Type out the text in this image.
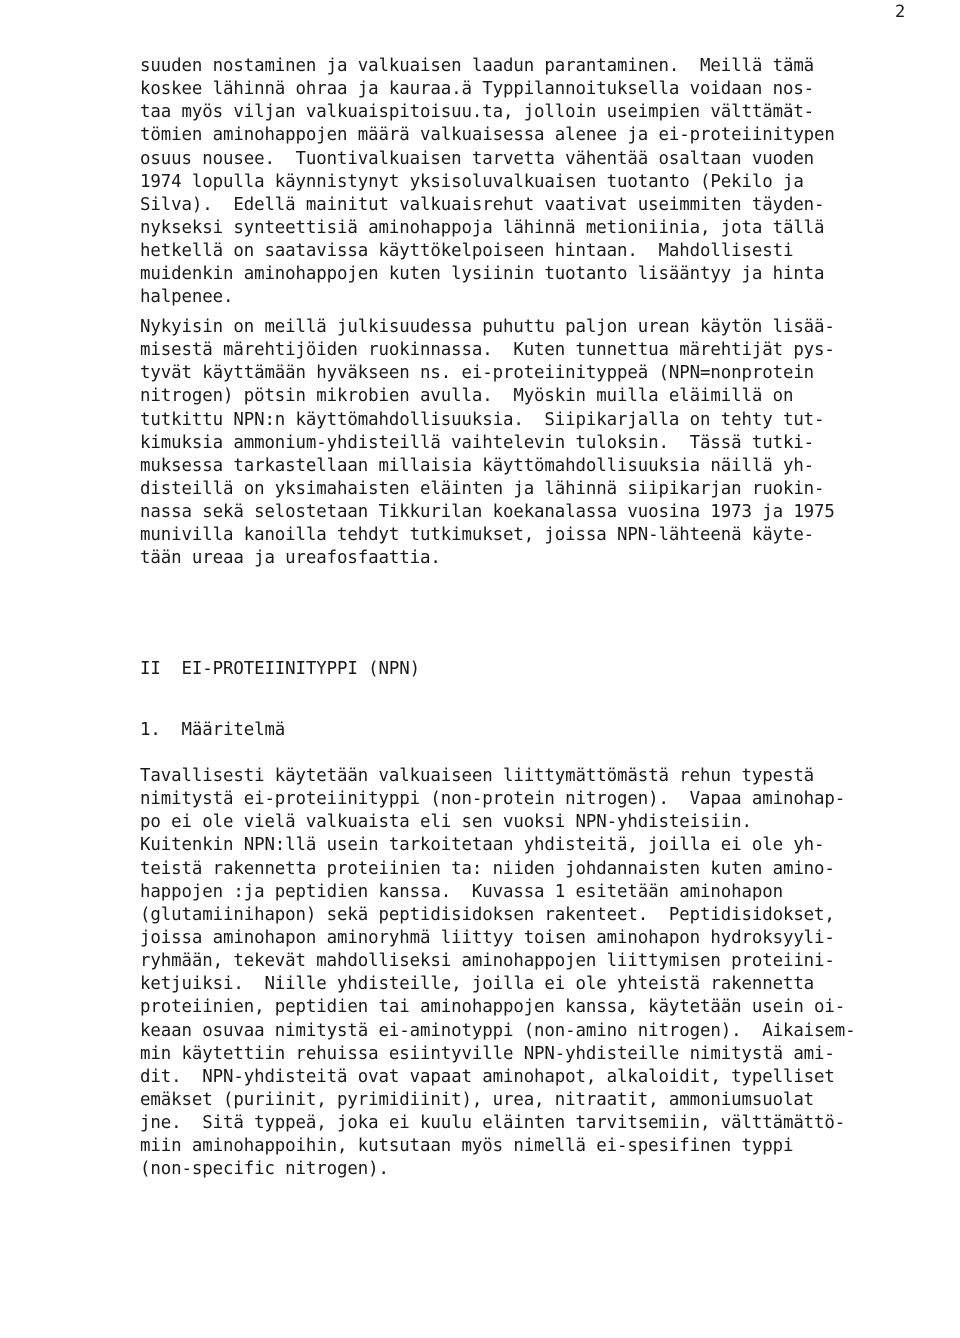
2
suuden nostaminen ja valkuaisen laadun parantaminen.  Meillä tämä
koskee lähinnä ohraa ja kauraa.ä Typpilannoituksella voidaan nos-
taa myös viljan valkuaispitoisuu.ta, jolloin useimpien välttämät-
tömien aminohappojen määrä valkuaisessa alenee ja ei-proteiinitypen
osuus nousee.  Tuontivalkuaisen tarvetta vähentää osaltaan vuoden
1974 lopulla käynnistynyt yksisoluvalkuaisen tuotanto (Pekilo ja
Silva).  Edellä mainitut valkuaisrehut vaativat useimmiten täyden-
nykseksi synteettisiä aminohappoja lähinnä metioniinia, jota tällä
hetkellä on saatavissa käyttökelpoiseen hintaan.  Mahdollisesti
muidenkin aminohappojen kuten lysiinin tuotanto lisääntyy ja hinta
halpenee.
Nykyisin on meillä julkisuudessa puhuttu paljon urean käytön lisää-
misestä märehtijöiden ruokinnassa.  Kuten tunnettua märehtijät pys-
tyvät käyttämään hyväkseen ns. ei-proteiinityppeä (NPN=nonprotein
nitrogen) pötsin mikrobien avulla.  Myöskin muilla eläimillä on
tutkittu NPN:n käyttömahdollisuuksia.  Siipikarjalla on tehty tut-
kimuksia ammonium-yhdisteillä vaihtelevin tuloksin.  Tässä tutki-
muksessa tarkastellaan millaisia käyttömahdollisuuksia näillä yh-
disteillä on yksimahaisten eläinten ja lähinnä siipikarjan ruokin-
nassa sekä selostetaan Tikkurilan koekanalassa vuosina 1973 ja 1975
munivilla kanoilla tehdyt tutkimukset, joissa NPN-lähteenä käyte-
tään ureaa ja ureafosfaattia.
II  EI-PROTEIINITYPPI (NPN)
1.  Määritelmä
Tavallisesti käytetään valkuaiseen liittymättömästä rehun typestä
nimitystä ei-proteiinityppi (non-protein nitrogen).  Vapaa aminohap-
po ei ole vielä valkuaista eli sen vuoksi NPN-yhdisteisiin.
Kuitenkin NPN:llä usein tarkoitetaan yhdisteitä, joilla ei ole yh-
teistä rakennetta proteiinien ta: niiden johdannaisten kuten amino-
happojen :ja peptidien kanssa.  Kuvassa 1 esitetään aminohapon
(glutamiinihapon) sekä peptidisidoksen rakenteet.  Peptidisidokset,
joissa aminohapon aminoryhmä liittyy toisen aminohapon hydroksyyli-
ryhmään, tekevät mahdolliseksi aminohappojen liittymisen proteiini-
ketjuiksi.  Niille yhdisteille, joilla ei ole yhteistä rakennetta
proteiinien, peptidien tai aminohappojen kanssa, käytetään usein oi-
keaan osuvaa nimitystä ei-aminotyppi (non-amino nitrogen).  Aikaisem-
min käytettiin rehuissa esiintyville NPN-yhdisteille nimitystä ami-
dit.  NPN-yhdisteitä ovat vapaat aminohapot, alkaloidit, typelliset
emäkset (puriinit, pyrimidiinit), urea, nitraatit, ammoniumsuolat
jne.  Sitä typpeä, joka ei kuulu eläinten tarvitsemiin, välttämättö-
miin aminohappoihin, kutsutaan myös nimellä ei-spesifinen typpi
(non-specific nitrogen).
